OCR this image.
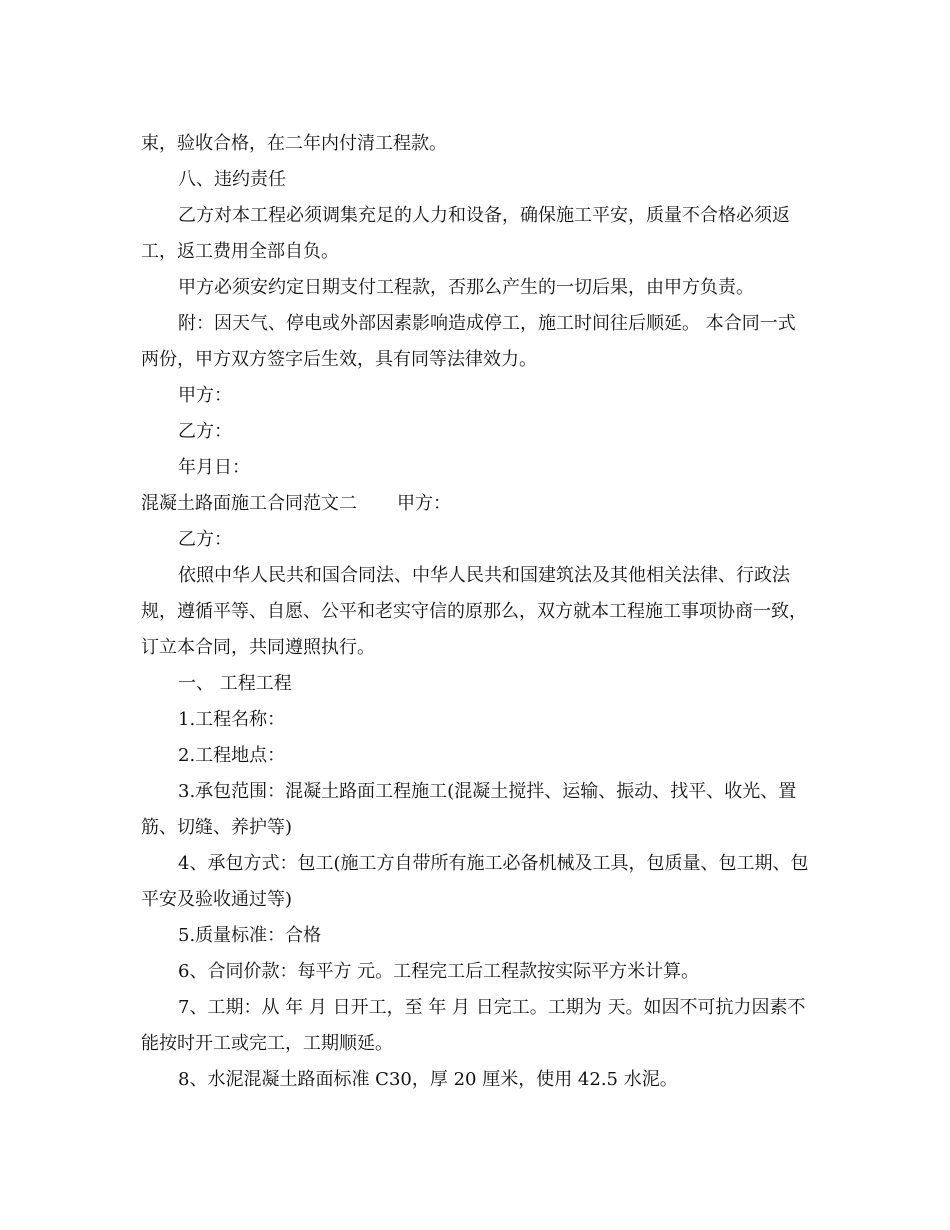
束，验收合格，在二年内付清工程款。

八、违约责任

乙方对本工程必须调集充足的人力和设备，确保施工平安，质量不合格必须返工，返工费用全部自负。

甲方必须安约定日期支付工程款，否那么产生的一切后果，由甲方负责。

附：因天气、停电或外部因素影响造成停工，施工时间往后顺延。 本合同一式两份，甲方双方签字后生效，具有同等法律效力。

甲方：

乙方：

年月日：

混凝土路面施工合同范文二 甲方：

乙方：

依照中华人民共和国合同法、中华人民共和国建筑法及其他相关法律、行政法规，遵循平等、自愿、公平和老实守信的原那么，双方就本工程施工事项协商一致，订立本合同，共同遵照执行。

一、 工程工程

1.工程名称：

2.工程地点：

3.承包范围：混凝土路面工程施工(混凝土搅拌、运输、振动、找平、收光、置筋、切缝、养护等)

4、承包方式：包工(施工方自带所有施工必备机械及工具，包质量、包工期、包平安及验收通过等)

5.质量标准：合格

6、合同价款：每平方 元。工程完工后工程款按实际平方米计算。

7、工期：从 年 月 日开工，至 年 月 日完工。工期为 天。如因不可抗力因素不能按时开工或完工，工期顺延。

8、水泥混凝土路面标准 C30，厚 20 厘米，使用 42.5 水泥。
